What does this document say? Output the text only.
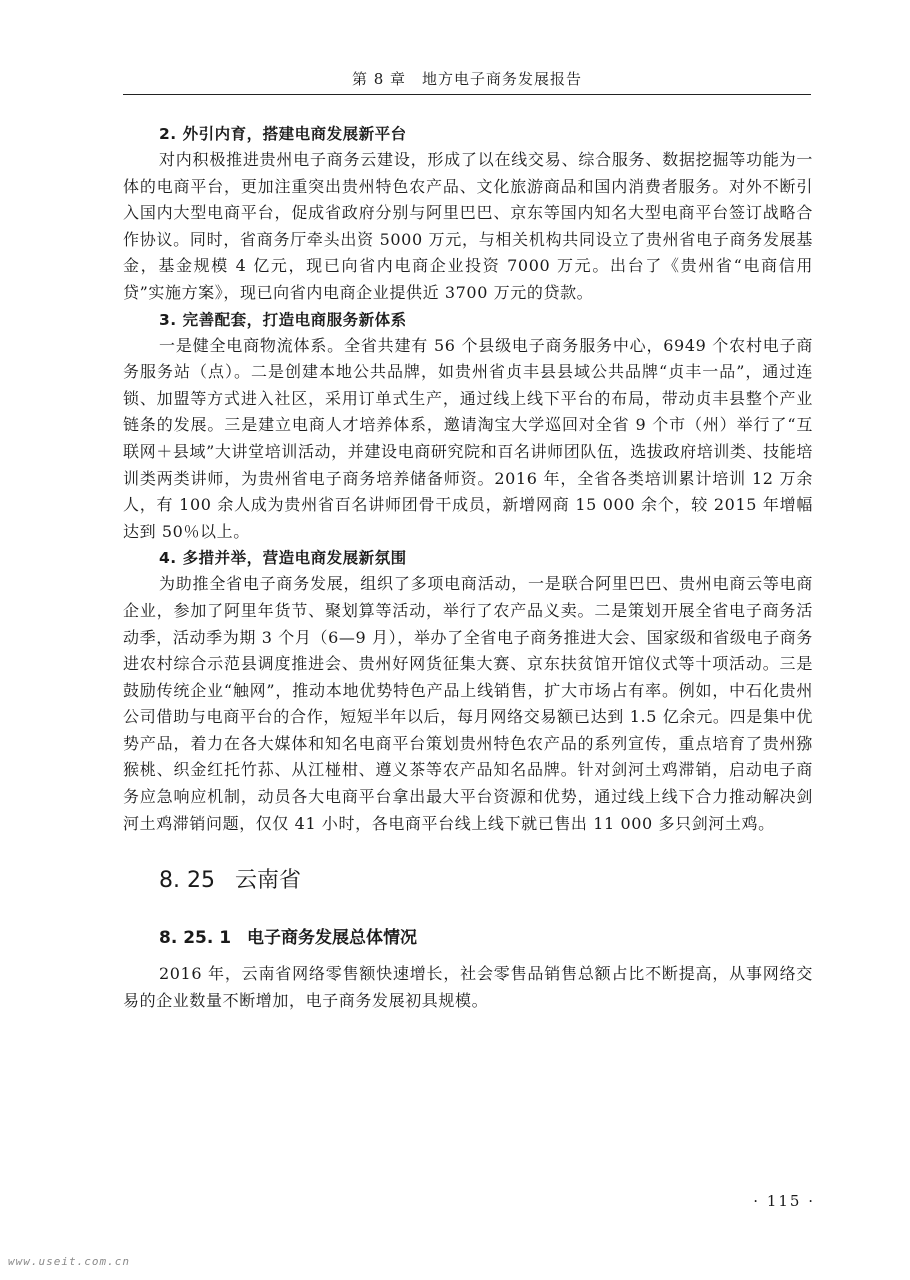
第 8 章　地方电子商务发展报告
2. 外引内育，搭建电商发展新平台

对内积极推进贵州电子商务云建设，形成了以在线交易、综合服务、数据挖掘等功能为一体的电商平台，更加注重突出贵州特色农产品、文化旅游商品和国内消费者服务。对外不断引入国内大型电商平台，促成省政府分别与阿里巴巴、京东等国内知名大型电商平台签订战略合作协议。同时，省商务厅牵头出资 5000 万元，与相关机构共同设立了贵州省电子商务发展基金，基金规模 4 亿元，现已向省内电商企业投资 7000 万元。出台了《贵州省“电商信用贷”实施方案》，现已向省内电商企业提供近 3700 万元的贷款。

3. 完善配套，打造电商服务新体系

一是健全电商物流体系。全省共建有 56 个县级电子商务服务中心，6949 个农村电子商务服务站（点）。二是创建本地公共品牌，如贵州省贞丰县县域公共品牌“贞丰一品”，通过连锁、加盟等方式进入社区，采用订单式生产，通过线上线下平台的布局，带动贞丰县整个产业链条的发展。三是建立电商人才培养体系，邀请淘宝大学巡回对全省 9 个市（州）举行了“互联网＋县域”大讲堂培训活动，并建设电商研究院和百名讲师团队伍，选拔政府培训类、技能培训类两类讲师，为贵州省电子商务培养储备师资。2016 年，全省各类培训累计培训 12 万余人，有 100 余人成为贵州省百名讲师团骨干成员，新增网商 15 000 余个，较 2015 年增幅达到 50％以上。

4. 多措并举，营造电商发展新氛围

为助推全省电子商务发展，组织了多项电商活动，一是联合阿里巴巴、贵州电商云等电商企业，参加了阿里年货节、聚划算等活动，举行了农产品义卖。二是策划开展全省电子商务活动季，活动季为期 3 个月（6—9 月），举办了全省电子商务推进大会、国家级和省级电子商务进农村综合示范县调度推进会、贵州好网货征集大赛、京东扶贫馆开馆仪式等十项活动。三是鼓励传统企业“触网”，推动本地优势特色产品上线销售，扩大市场占有率。例如，中石化贵州公司借助与电商平台的合作，短短半年以后，每月网络交易额已达到 1.5 亿余元。四是集中优势产品，着力在各大媒体和知名电商平台策划贵州特色农产品的系列宣传，重点培育了贵州猕猴桃、织金红托竹荪、从江椪柑、遵义茶等农产品知名品牌。针对剑河土鸡滞销，启动电子商务应急响应机制，动员各大电商平台拿出最大平台资源和优势，通过线上线下合力推动解决剑河土鸡滞销问题，仅仅 41 小时，各电商平台线上线下就已售出 11 000 多只剑河土鸡。

8. 25 云南省
8. 25. 1 电子商务发展总体情况

2016 年，云南省网络零售额快速增长，社会零售品销售总额占比不断提高，从事网络交易的企业数量不断增加，电子商务发展初具规模。

· 115 ·
www.useit.com.cn
